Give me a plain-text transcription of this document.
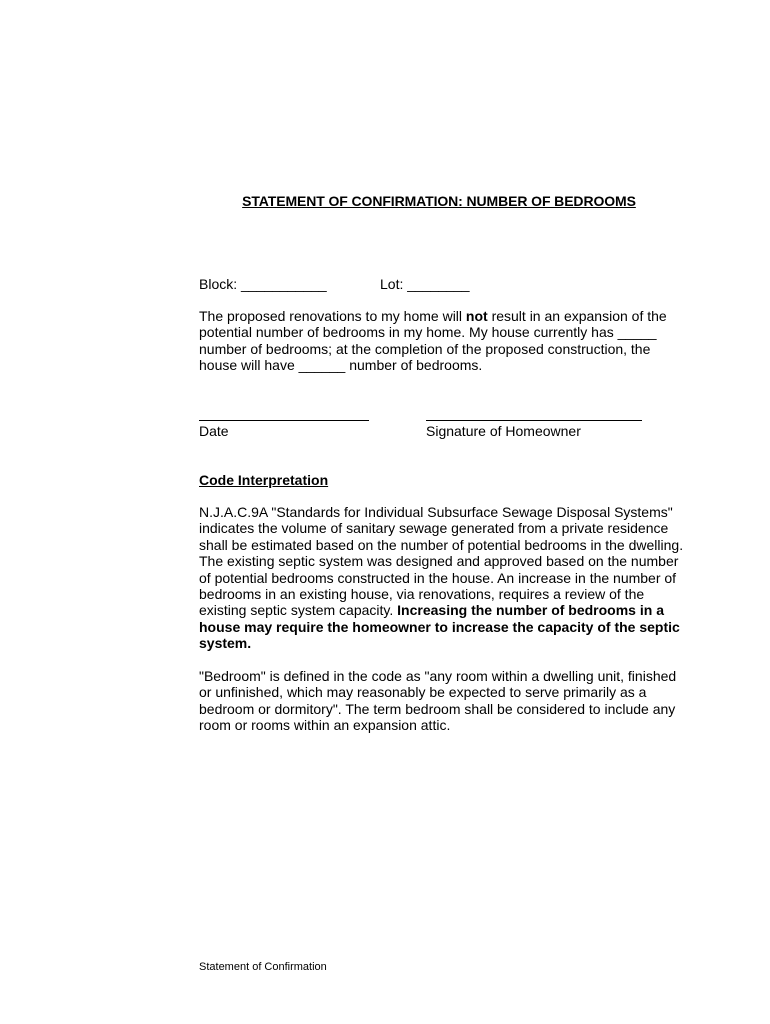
STATEMENT OF CONFIRMATION: NUMBER OF BEDROOMS
Block: ___________	Lot: ________
The proposed renovations to my home will not result in an expansion of the
potential number of bedrooms in my home. My house currently has _____
number of bedrooms; at the completion of the proposed construction, the
house will have ______ number of bedrooms.
Date	Signature of Homeowner
Code Interpretation
N.J.A.C.9A "Standards for Individual Subsurface Sewage Disposal Systems"
indicates the volume of sanitary sewage generated from a private residence
shall be estimated based on the number of potential bedrooms in the dwelling.
The existing septic system was designed and approved based on the number
of potential bedrooms constructed in the house. An increase in the number of
bedrooms in an existing house, via renovations, requires a review of the
existing septic system capacity. Increasing the number of bedrooms in a
house may require the homeowner to increase the capacity of the septic
system.
"Bedroom" is defined in the code as "any room within a dwelling unit, finished
or unfinished, which may reasonably be expected to serve primarily as a
bedroom or dormitory". The term bedroom shall be considered to include any
room or rooms within an expansion attic.
Statement of Confirmation
